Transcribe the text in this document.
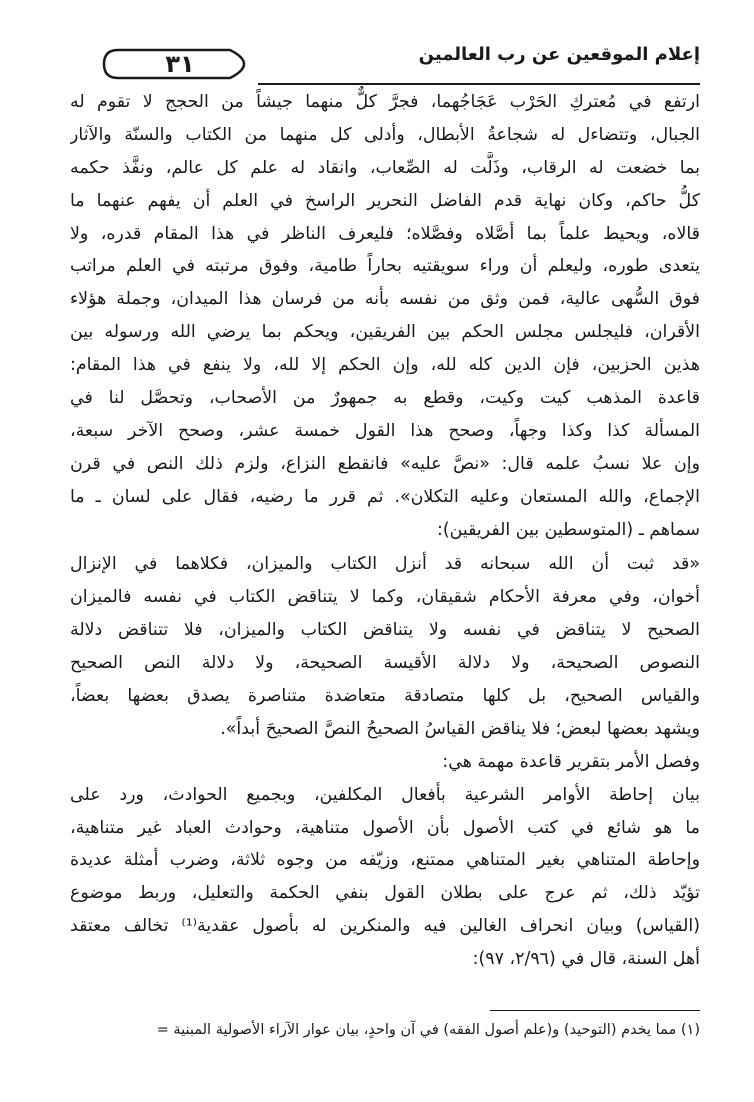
٣١	إعلام الموقعين عن رب العالمين
ارتفع في مُعتركِ الحَرْب عَجَاجُهما، فجرَّ كلٌّ منهما جيشاً من الحجج لا تقوم له
الجبال، وتتضاءل له شجاعةُ الأبطال، وأدلى كل منهما من الكتاب والسنّة والآثار
بما خضعت له الرقاب، وذَلَّت له الصِّعاب، وانقاد له علم كل عالم، ونفَّذ حكمه
كلُّ حاكم، وكان نهاية قدم الفاضل النحرير الراسخ في العلم أن يفهم عنهما ما
قالاه، ويحيط علماً بما أصَّلاه وفصَّلاه؛ فليعرف الناظر في هذا المقام قدره، ولا
يتعدى طوره، وليعلم أن وراء سويقتيه بحاراً طامية، وفوق مرتبته في العلم مراتب
فوق السُّهى عالية، فمن وثق من نفسه بأنه من فرسان هذا الميدان، وجملة هؤلاء
الأقران، فليجلس مجلس الحكم بين الفريقين، ويحكم بما يرضي الله ورسوله بين
هذين الحزبين، فإن الدين كله لله، وإن الحكم إلا لله، ولا ينفع في هذا المقام:
قاعدة المذهب كيت وكيت، وقطع به جمهورٌ من الأصحاب، وتحصَّل لنا في
المسألة كذا وكذا وجهاً، وصحح هذا القول خمسة عشر، وصحح الآخر سبعة،
وإن علا نسبُ علمه قال: «نصَّ عليه» فانقطع النزاع، ولزم ذلك النص في قرن
الإجماع، والله المستعان وعليه التكلان». ثم قرر ما رضيه، فقال على لسان ـ ما
سماهم ـ (المتوسطين بين الفريقين):
«قد ثبت أن الله سبحانه قد أنزل الكتاب والميزان، فكلاهما في الإنزال
أخوان، وفي معرفة الأحكام شقيقان، وكما لا يتناقض الكتاب في نفسه فالميزان
الصحيح لا يتناقض في نفسه ولا يتناقض الكتاب والميزان، فلا تتناقض دلالة
النصوص الصحيحة، ولا دلالة الأقيسة الصحيحة، ولا دلالة النص الصحيح
والقياس الصحيح، بل كلها متصادقة متعاضدة متناصرة يصدق بعضها بعضاً،
ويشهد بعضها لبعض؛ فلا يناقض القياسُ الصحيحُ النصَّ الصحيحَ أبداً».
وفصل الأمر بتقرير قاعدة مهمة هي:
بيان إحاطة الأوامر الشرعية بأفعال المكلفين، وبجميع الحوادث، ورد على
ما هو شائع في كتب الأصول بأن الأصول متناهية، وحوادث العباد غير متناهية،
وإحاطة المتناهي بغير المتناهي ممتنع، وزيّفه من وجوه ثلاثة، وضرب أمثلة عديدة
تؤيّد ذلك، ثم عرج على بطلان القول بنفي الحكمة والتعليل، وربط موضوع
(القياس) وبيان انحراف الغالين فيه والمنكرين له بأصول عقدية⁽¹⁾ تخالف معتقد
أهل السنة، قال في (٢/٩٦، ٩٧):
(١) مما يخدم (التوحيد) و(علم أصول الفقه) في آن واحدٍ، بيان عوار الآراء الأصولية المبنية =
